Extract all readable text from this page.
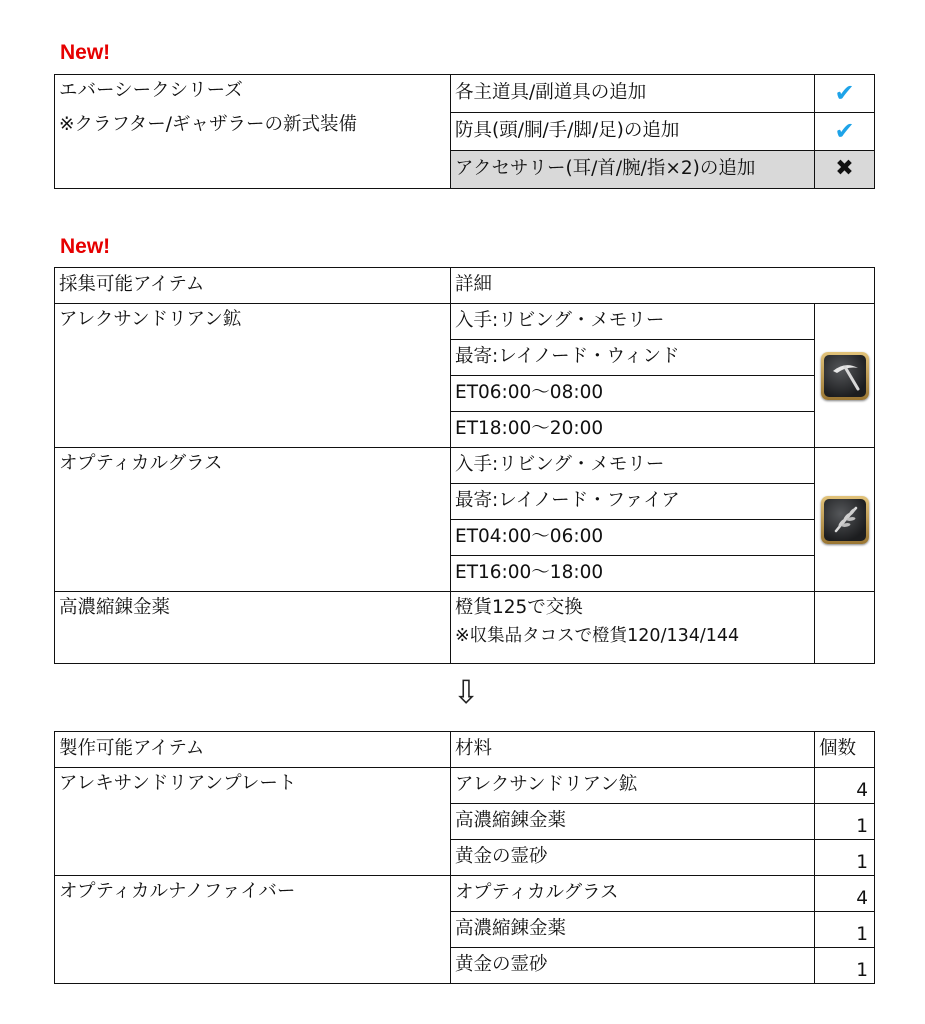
New!
エバーシークシリーズ
※クラフター/ギャザラーの新式装備	各主道具/副道具の追加	✔
	防具(頭/胴/手/脚/足)の追加	✔
	アクセサリー(耳/首/腕/指×2)の追加	✖
New!
採集可能アイテム	詳細	
アレクサンドリアン鉱	入手:リビング・メモリー	

	最寄:レイノード・ウィンド	
	ET06:00〜08:00	
	ET18:00〜20:00	
オプティカルグラス	入手:リビング・メモリー	

	最寄:レイノード・ファイア	
	ET04:00〜06:00	
	ET16:00〜18:00	
高濃縮錬金薬	橙貨125で交換
※収集品タコスで橙貨120/134/144	

⇩
製作可能アイテム	材料	個数
アレキサンドリアンプレート	アレクサンドリアン鉱	4
	高濃縮錬金薬	1
	黄金の霊砂	1
オプティカルナノファイバー	オプティカルグラス	4
	高濃縮錬金薬	1
	黄金の霊砂	1
